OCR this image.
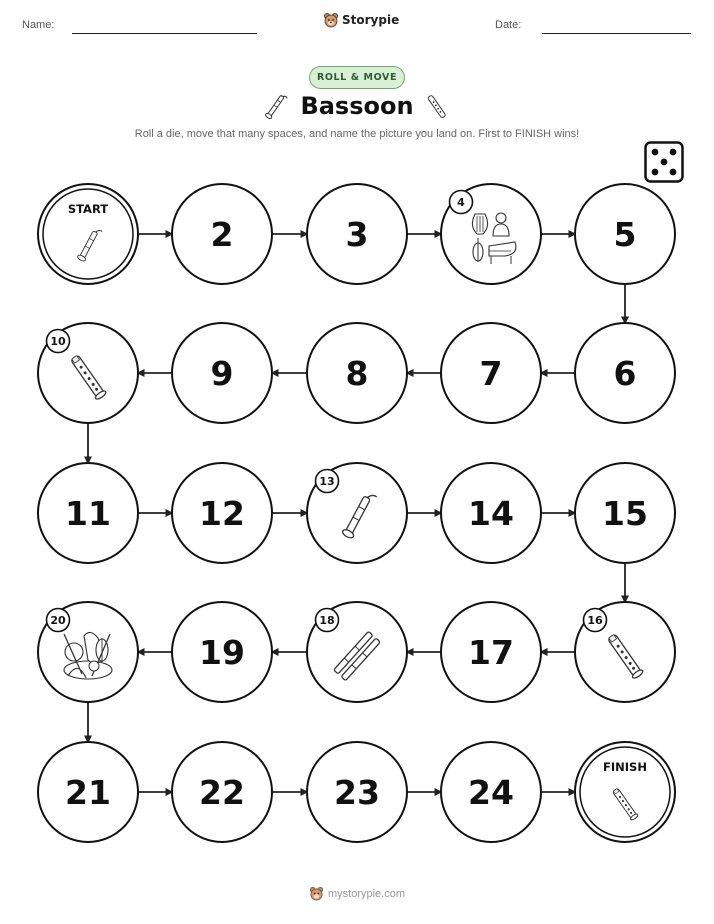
Name:	Storypie	Date:
ROLL & MOVE
Bassoon
Roll a die, move that many spaces, and name the picture you land on. First to FINISH wins!
START
2	3
4
5
6
7
8
9
10
11	12
13
14	15
16
17
18
19
20
21	22	23	24
FINISH
mystorypie.com
